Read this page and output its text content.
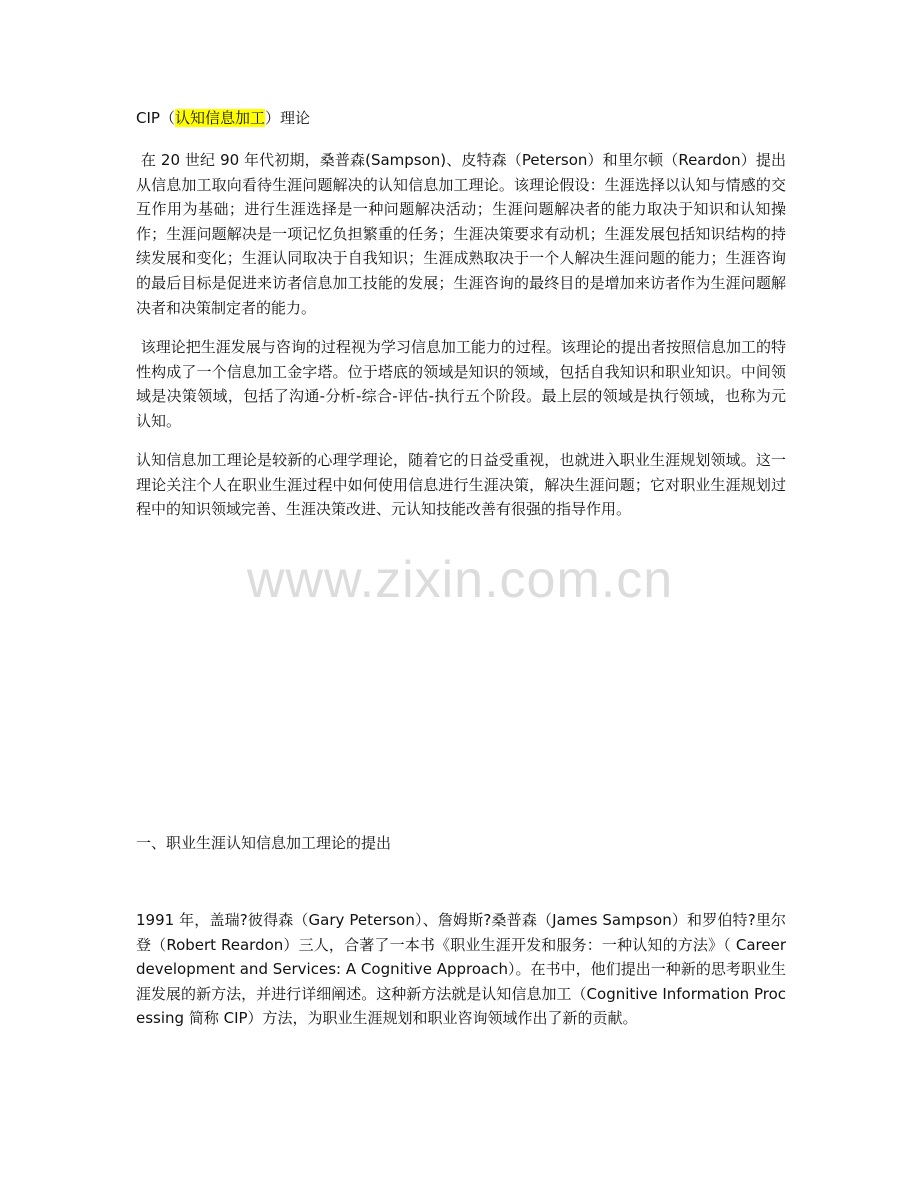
CIP（认知信息加工）理论

在 20 世纪 90 年代初期，桑普森(Sampson)、皮特森（Peterson）和里尔顿（Reardon）提出从信息加工取向看待生涯问题解决的认知信息加工理论。该理论假设：生涯选择以认知与情感的交互作用为基础；进行生涯选择是一种问题解决活动；生涯问题解决者的能力取决于知识和认知操作；生涯问题解决是一项记忆负担繁重的任务；生涯决策要求有动机；生涯发展包括知识结构的持续发展和变化；生涯认同取决于自我知识；生涯成熟取决于一个人解决生涯问题的能力；生涯咨询的最后目标是促进来访者信息加工技能的发展；生涯咨询的最终目的是增加来访者作为生涯问题解决者和决策制定者的能力。

该理论把生涯发展与咨询的过程视为学习信息加工能力的过程。该理论的提出者按照信息加工的特性构成了一个信息加工金字塔。位于塔底的领域是知识的领域，包括自我知识和职业知识。中间领域是决策领域，包括了沟通-分析-综合-评估-执行五个阶段。最上层的领域是执行领域，也称为元认知。

认知信息加工理论是较新的心理学理论，随着它的日益受重视，也就进入职业生涯规划领域。这一理论关注个人在职业生涯过程中如何使用信息进行生涯决策，解决生涯问题；它对职业生涯规划过程中的知识领域完善、生涯决策改进、元认知技能改善有很强的指导作用。

www.zixin.com.cn

一、职业生涯认知信息加工理论的提出

1991 年，盖瑞?彼得森（Gary Peterson）、詹姆斯?桑普森（James Sampson）和罗伯特?里尔登（Robert Reardon）三人，合著了一本书《职业生涯开发和服务：一种认知的方法》（ Career development and Services: A Cognitive Approach）。在书中，他们提出一种新的思考职业生涯发展的新方法，并进行详细阐述。这种新方法就是认知信息加工（Cognitive Information Processing 简称 CIP）方法，为职业生涯规划和职业咨询领域作出了新的贡献。
